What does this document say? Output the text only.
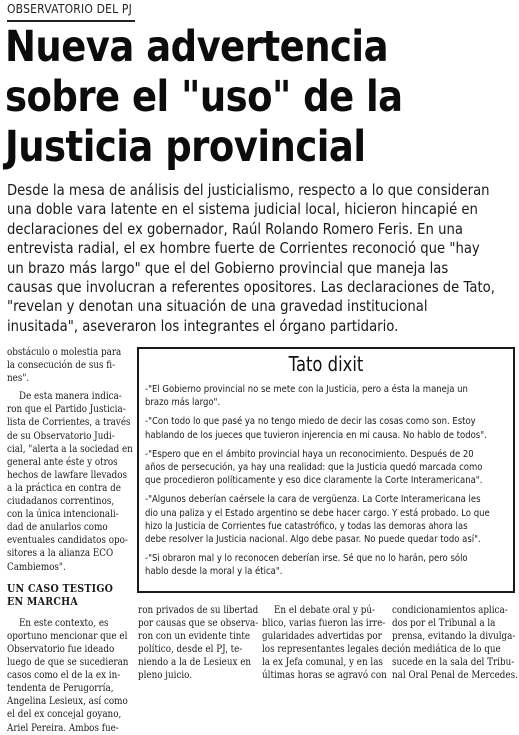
OBSERVATORIO DEL PJ
Nueva advertencia
sobre el "uso" de la
Justicia provincial
Desde la mesa de análisis del justicialismo, respecto a lo que consideran
una doble vara latente en el sistema judicial local, hicieron hincapié en
declaraciones del ex gobernador, Raúl Rolando Romero Feris. En una
entrevista radial, el ex hombre fuerte de Corrientes reconoció que "hay
un brazo más largo" que el del Gobierno provincial que maneja las
causas que involucran a referentes opositores. Las declaraciones de Tato,
"revelan y denotan una situación de una gravedad institucional
inusitada", aseveraron los integrantes el órgano partidario.
obstáculo o molestia para
la consecución de sus fi-
nes".
De esta manera indica-
ron que el Partido Justicia-
lista de Corrientes, a través
de su Observatorio Judi-
cial, "alerta a la sociedad en
general ante éste y otros
hechos de lawfare llevados
a la práctica en contra de
ciudadanos correntinos,
con la única intencionali-
dad de anularlos como
eventuales candidatos opo-
sitores a la alianza ECO
Cambiemos".
UN CASO TESTIGO
EN MARCHA
En este contexto, es
oportuno mencionar que el
Observatorio fue ideado
luego de que se sucedieran
casos como el de la ex in-
tendenta de Perugorría,
Angelina Lesieux, así como
el del ex concejal goyano,
Ariel Pereira. Ambos fue-
Tato dixit
-"El Gobierno provincial no se mete con la Justicia, pero a ésta la maneja un
brazo más largo".
-"Con todo lo que pasé ya no tengo miedo de decir las cosas como son. Estoy
hablando de los jueces que tuvieron injerencia en mi causa. No hablo de todos".
-"Espero que en el ámbito provincial haya un reconocimiento. Después de 20
años de persecución, ya hay una realidad: que la Justicia quedó marcada como
que procedieron políticamente y eso dice claramente la Corte Interamericana".
-"Algunos deberían caérsele la cara de vergüenza. La Corte Interamericana les
dio una paliza y el Estado argentino se debe hacer cargo. Y está probado. Lo que
hizo la Justicia de Corrientes fue catastrófico, y todas las demoras ahora las
debe resolver la Justicia nacional. Algo debe pasar. No puede quedar todo así".
-"Si obraron mal y lo reconocen deberían irse. Sé que no lo harán, pero sólo
hablo desde la moral y la ética".
ron privados de su libertad
por causas que se observa-
ron con un evidente tinte
político, desde el PJ, te-
niendo a la de Lesieux en
pleno juicio.
En el debate oral y pú-
blico, varias fueron las irre-
gularidades advertidas por
los representantes legales de
la ex Jefa comunal, y en las
últimas horas se agravó con
condicionamientos aplica-
dos por el Tribunal a la
prensa, evitando la divulga-
ción mediática de lo que
sucede en la sala del Tribu-
nal Oral Penal de Mercedes.
